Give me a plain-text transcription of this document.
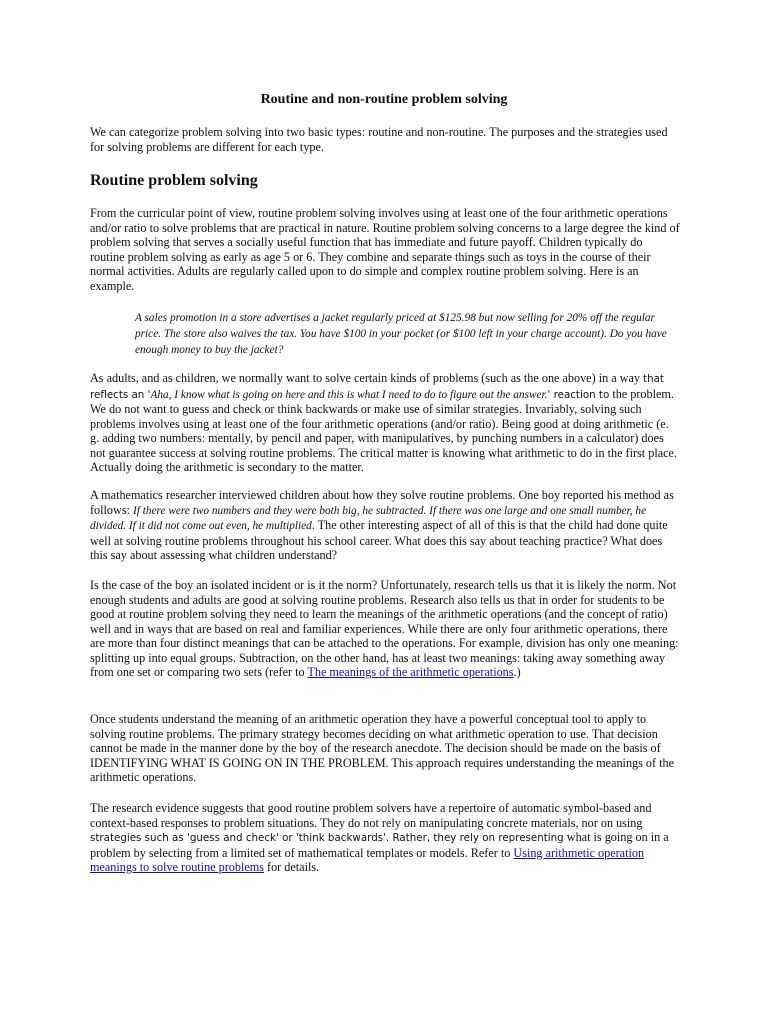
Routine and non-routine problem solving

We can categorize problem solving into two basic types: routine and non-routine. The purposes and the strategies used for solving problems are different for each type.

Routine problem solving

From the curricular point of view, routine problem solving involves using at least one of the four arithmetic operations and/or ratio to solve problems that are practical in nature. Routine problem solving concerns to a large degree the kind of problem solving that serves a socially useful function that has immediate and future payoff. Children typically do routine problem solving as early as age 5 or 6. They combine and separate things such as toys in the course of their normal activities. Adults are regularly called upon to do simple and complex routine problem solving. Here is an example.

A sales promotion in a store advertises a jacket regularly priced at $125.98 but now selling for 20% off the regular price. The store also waives the tax. You have $100 in your pocket (or $100 left in your charge account). Do you have enough money to buy the jacket?

As adults, and as children, we normally want to solve certain kinds of problems (such as the one above) in a way that reflects an 'Aha, I know what is going on here and this is what I need to do to figure out the answer.' reaction to the problem. We do not want to guess and check or think backwards or make use of similar strategies. Invariably, solving such problems involves using at least one of the four arithmetic operations (and/or ratio). Being good at doing arithmetic (e. g. adding two numbers: mentally, by pencil and paper, with manipulatives, by punching numbers in a calculator) does not guarantee success at solving routine problems. The critical matter is knowing what arithmetic to do in the first place. Actually doing the arithmetic is secondary to the matter.

A mathematics researcher interviewed children about how they solve routine problems. One boy reported his method as follows: If there were two numbers and they were both big, he subtracted. If there was one large and one small number, he divided. If it did not come out even, he multiplied. The other interesting aspect of all of this is that the child had done quite well at solving routine problems throughout his school career. What does this say about teaching practice? What does this say about assessing what children understand?

Is the case of the boy an isolated incident or is it the norm? Unfortunately, research tells us that it is likely the norm. Not enough students and adults are good at solving routine problems. Research also tells us that in order for students to be good at routine problem solving they need to learn the meanings of the arithmetic operations (and the concept of ratio) well and in ways that are based on real and familiar experiences. While there are only four arithmetic operations, there are more than four distinct meanings that can be attached to the operations. For example, division has only one meaning: splitting up into equal groups. Subtraction, on the other hand, has at least two meanings: taking away something away from one set or comparing two sets (refer to The meanings of the arithmetic operations.)

Once students understand the meaning of an arithmetic operation they have a powerful conceptual tool to apply to solving routine problems. The primary strategy becomes deciding on what arithmetic operation to use. That decision cannot be made in the manner done by the boy of the research anecdote. The decision should be made on the basis of IDENTIFYING WHAT IS GOING ON IN THE PROBLEM. This approach requires understanding the meanings of the arithmetic operations.

The research evidence suggests that good routine problem solvers have a repertoire of automatic symbol-based and context-based responses to problem situations. They do not rely on manipulating concrete materials, nor on using strategies such as 'guess and check' or 'think backwards'. Rather, they rely on representing what is going on in a problem by selecting from a limited set of mathematical templates or models. Refer to Using arithmetic operation meanings to solve routine problems for details.
